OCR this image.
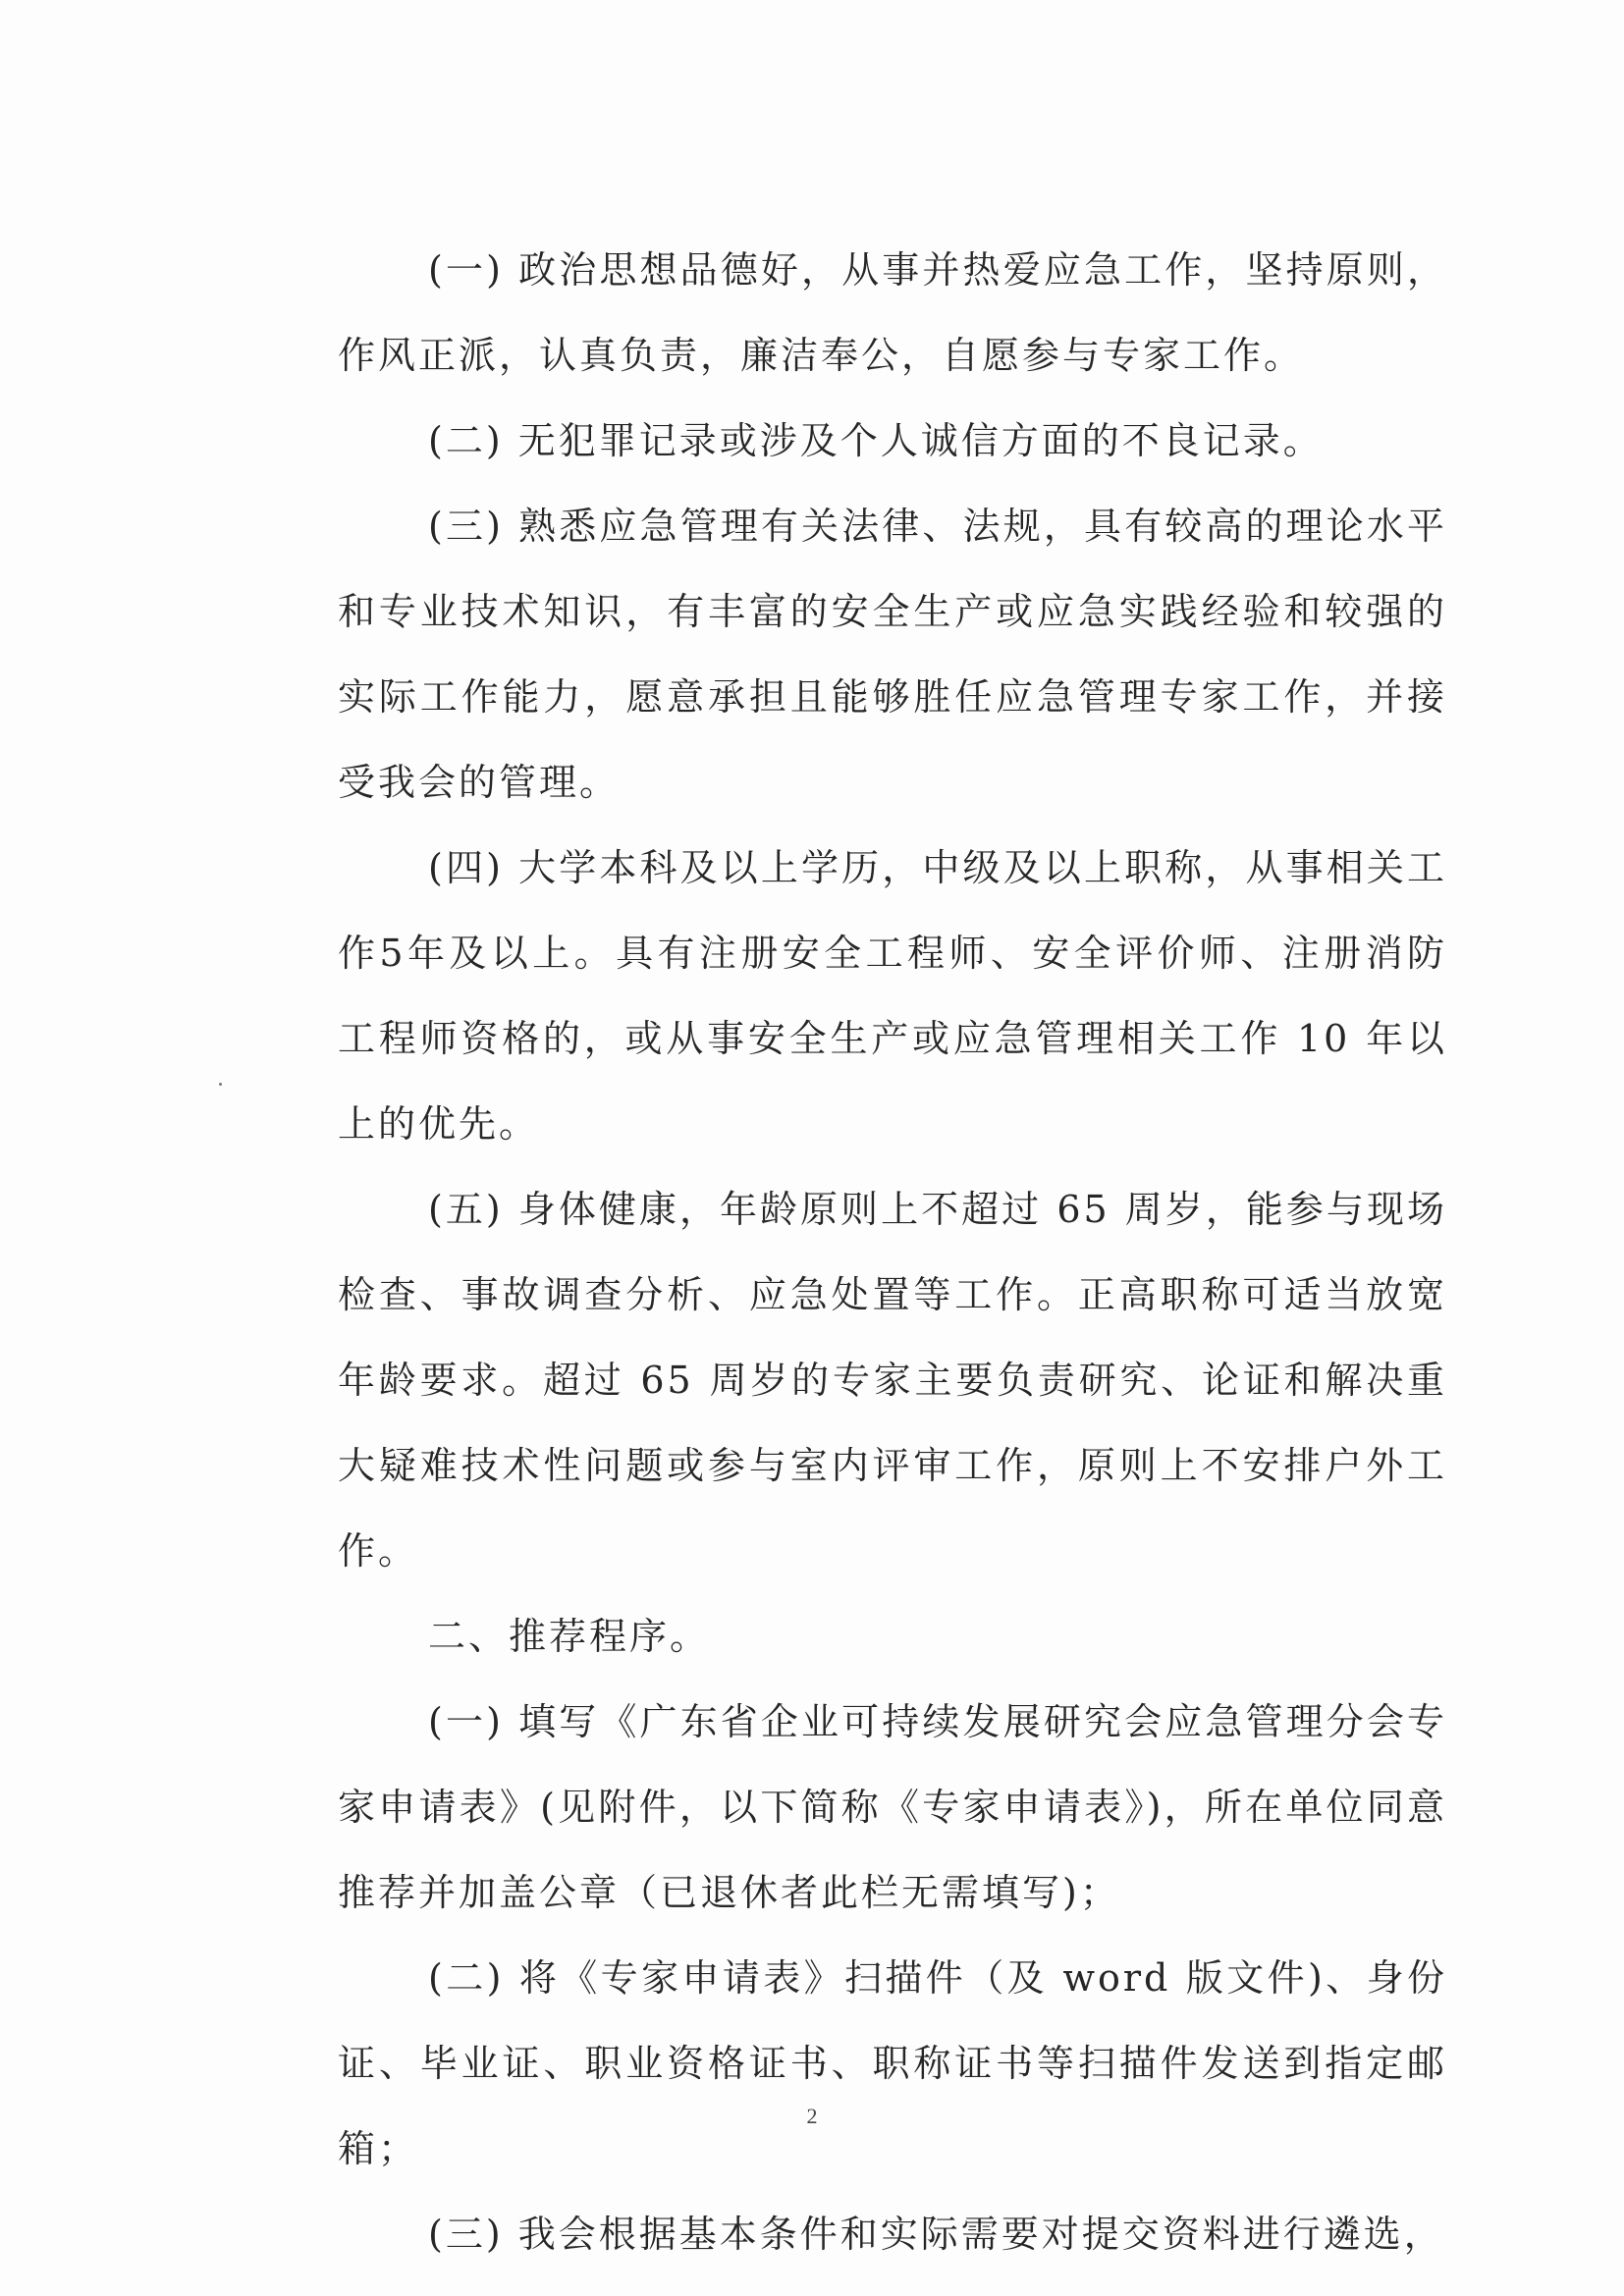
(一) 政治思想品德好，从事并热爱应急工作，坚持原则，作风正派，认真负责，廉洁奉公，自愿参与专家工作。

(二) 无犯罪记录或涉及个人诚信方面的不良记录。

(三) 熟悉应急管理有关法律、法规，具有较高的理论水平和专业技术知识，有丰富的安全生产或应急实践经验和较强的实际工作能力，愿意承担且能够胜任应急管理专家工作，并接受我会的管理。

(四) 大学本科及以上学历，中级及以上职称，从事相关工作5年及以上。具有注册安全工程师、安全评价师、注册消防工程师资格的，或从事安全生产或应急管理相关工作 10 年以上的优先。

(五) 身体健康，年龄原则上不超过 65 周岁，能参与现场检查、事故调查分析、应急处置等工作。正高职称可适当放宽年龄要求。超过 65 周岁的专家主要负责研究、论证和解决重大疑难技术性问题或参与室内评审工作，原则上不安排户外工作。

二、推荐程序。

(一) 填写《广东省企业可持续发展研究会应急管理分会专家申请表》(见附件，以下简称《专家申请表》)，所在单位同意推荐并加盖公章（已退休者此栏无需填写)；

(二) 将《专家申请表》扫描件（及 word 版文件)、身份证、毕业证、职业资格证书、职称证书等扫描件发送到指定邮箱；

(三) 我会根据基本条件和实际需要对提交资料进行遴选，

2
